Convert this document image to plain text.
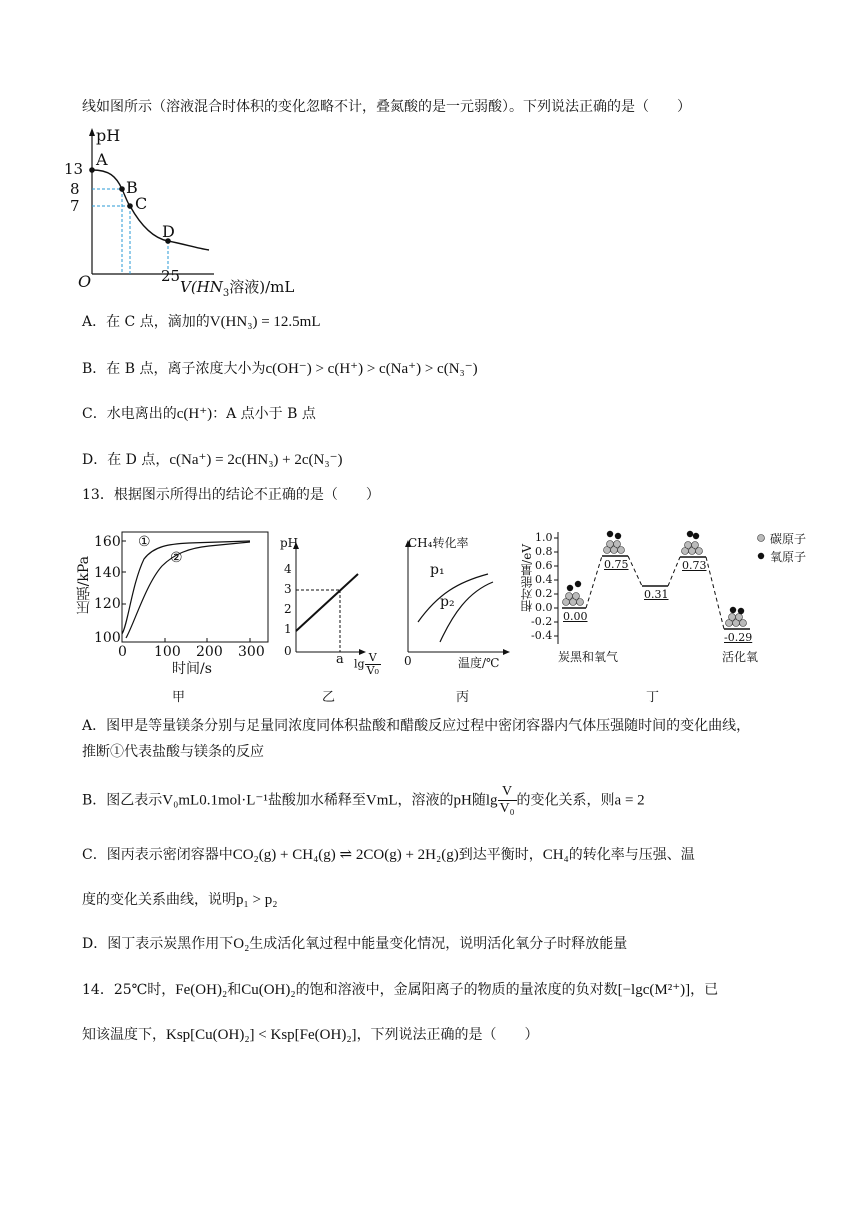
线如图所示（溶液混合时体积的变化忽略不计，叠氮酸的是一元弱酸）。下列说法正确的是（　　）
pH
13
8
7
A
B
C
D
O	25
$V(HN_3$溶液)/mL
A．在 C 点，滴加的V(HN₃) = 12.5mL
B．在 B 点，离子浓度大小为c(OH⁻) > c(H⁺) > c(Na⁺) > c(N₃⁻)
C．水电离出的c(H⁺)：A 点小于 B 点
D．在 D 点，c(Na⁺) = 2c(HN₃) + 2c(N₃⁻)
13．根据图示所得出的结论不正确的是（　　）
压强/kPa
160
140
120
100
0 100 200 300
时间/s
①
②
甲
pH
4
3
2
1
0
a $\lg \frac{V}{\text{V₀}}$
乙
CH₄转化率
0	温度/℃
p₁
p₂
丙
相对能量/eV
1.0
0.8
0.6
0.4
0.2
0.0
-0.2
-0.4
0.00
0.75
0.31
0.73
-0.29
碳原子
氧原子
炭黑和氧气	活化氧
丁
A．图甲是等量镁条分别与足量同浓度同体积盐酸和醋酸反应过程中密闭容器内气体压强随时间的变化曲线，
推断①代表盐酸与镁条的反应
B．图乙表示V₀mL0.1mol·L⁻¹盐酸加水稀释至VmL，溶液的pH随$\lg \frac{V}{\text{V₀}}$ 的变化关系，则a = 2
C．图丙表示密闭容器中CO₂(g) + CH₄(g) ⇌ 2CO(g) + 2H₂(g)到达平衡时，CH₄的转化率与压强、温
度的变化关系曲线，说明p₁ > p₂
D．图丁表示炭黑作用下O₂生成活化氧过程中能量变化情况，说明活化氧分子时释放能量
14．25℃时，Fe(OH)₂和Cu(OH)₂的饱和溶液中，金属阳离子的物质的量浓度的负对数[−lgc(M²⁺)]，已
知该温度下，Ksp[Cu(OH)₂] < Ksp[Fe(OH)₂]，下列说法正确的是（　　）
